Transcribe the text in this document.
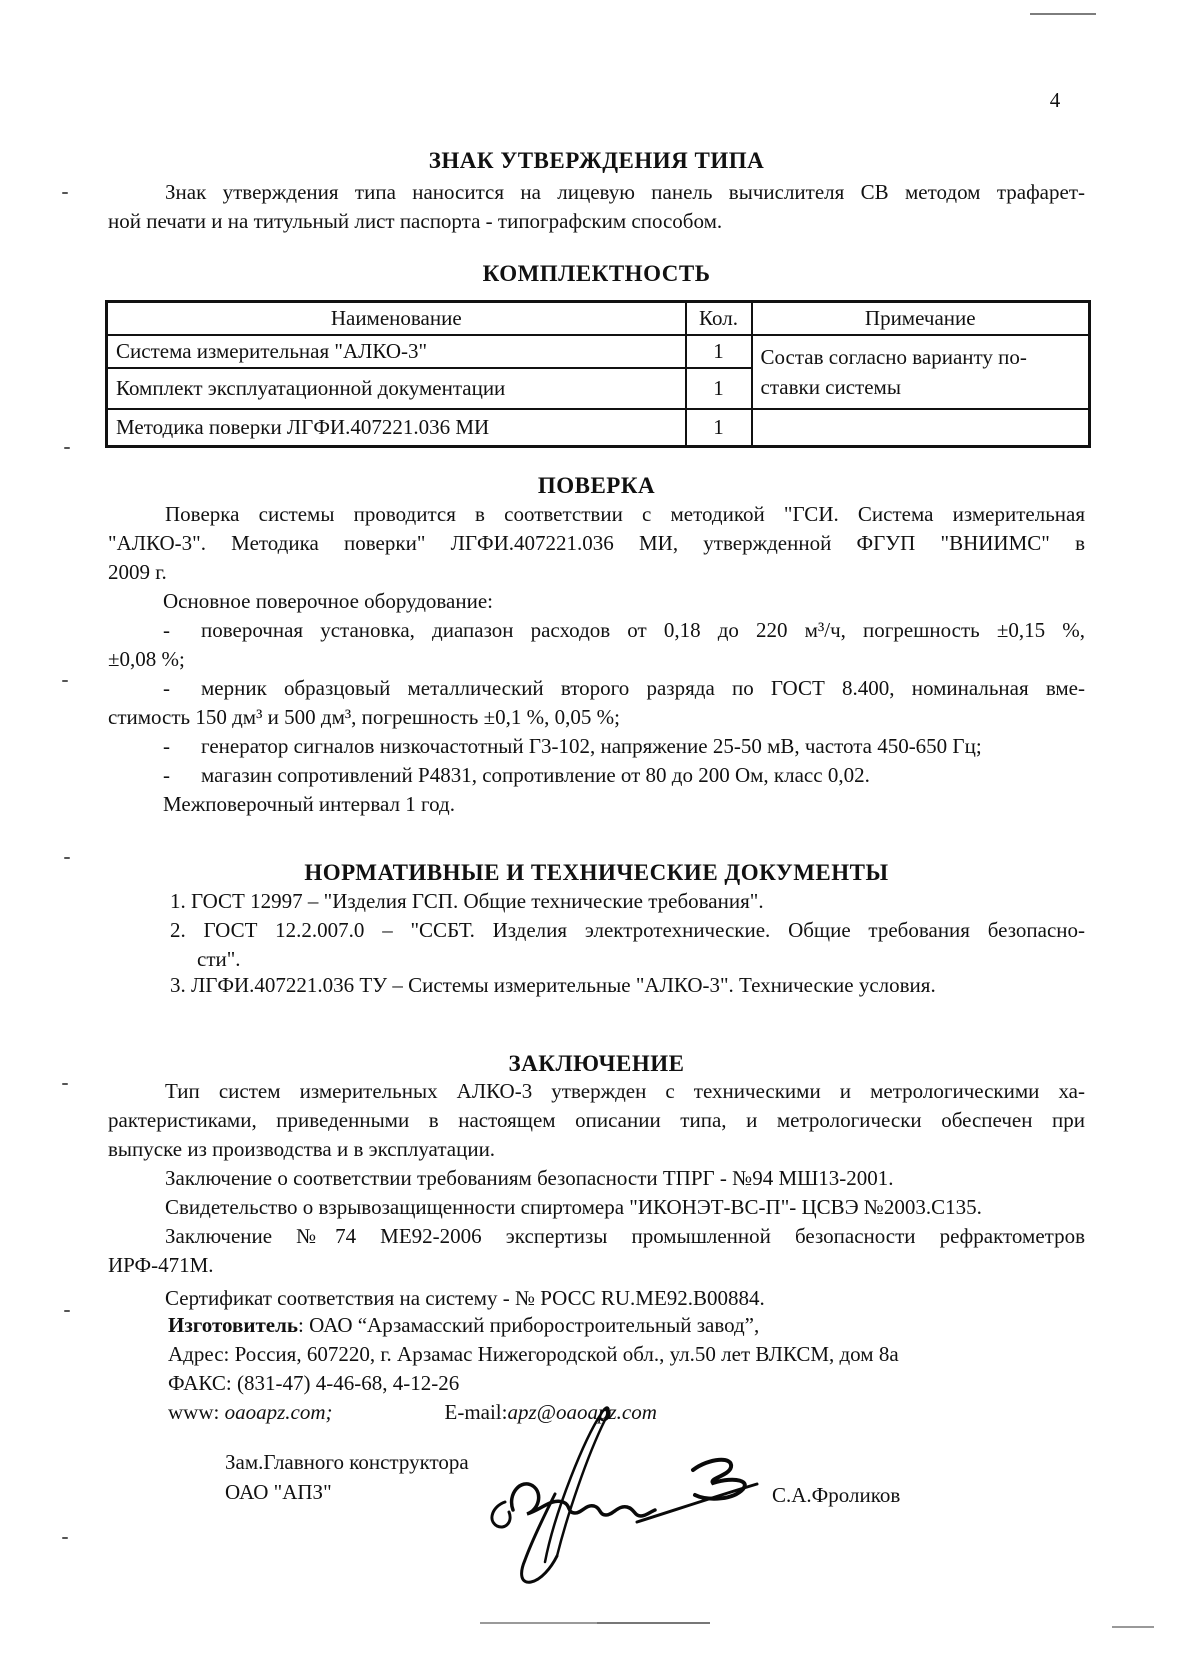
4
ЗНАК УТВЕРЖДЕНИЯ ТИПА
Знак утверждения типа наносится на лицевую панель вычислителя СВ методом трафарет-
ной печати и на титульный лист паспорта - типографским способом.
КОМПЛЕКТНОСТЬ
Наименование	Кол.	Примечание
Система измерительная "АЛКО-3"	1	Состав согласно варианту по-
ставки системы

Комплект эксплуатационной документации	1	
Методика поверки ЛГФИ.407221.036 МИ	1	
ПОВЕРКА
Поверка системы проводится в соответствии с методикой "ГСИ. Система измерительная
"АЛКО-3". Методика поверки" ЛГФИ.407221.036 МИ, утвержденной ФГУП "ВНИИМС" в
2009 г.
Основное поверочное оборудование:
- поверочная установка, диапазон расходов от 0,18 до 220 м³/ч, погрешность ±0,15 %,
±0,08 %;
- мерник образцовый металлический второго разряда по ГОСТ 8.400, номинальная вме-
стимость 150 дм³ и 500 дм³, погрешность ±0,1 %, 0,05 %;
- генератор сигналов низкочастотный Г3-102, напряжение 25-50 мВ, частота 450-650 Гц;
- магазин сопротивлений Р4831, сопротивление от 80 до 200 Ом, класс 0,02.
Межповерочный интервал 1 год.
НОРМАТИВНЫЕ И ТЕХНИЧЕСКИЕ ДОКУМЕНТЫ
1. ГОСТ 12997 – "Изделия ГСП. Общие технические требования".
2. ГОСТ 12.2.007.0 – "ССБТ. Изделия электротехнические. Общие требования безопасно-
сти".
3. ЛГФИ.407221.036 ТУ – Системы измерительные "АЛКО-3". Технические условия.
ЗАКЛЮЧЕНИЕ
Тип систем измерительных АЛКО-3 утвержден с техническими и метрологическими ха-
рактеристиками, приведенными в настоящем описании типа, и метрологически обеспечен при
выпуске из производства и в эксплуатации.
Заключение о соответствии требованиям безопасности ТПРГ - №94 МШ13-2001.
Свидетельство о взрывозащищенности спиртомера "ИКОНЭТ-ВС-П"- ЦСВЭ №2003.С135.
Заключение №74 МЕ92-2006 экспертизы промышленной безопасности рефрактометров
ИРФ-471М.
Сертификат соответствия на систему - № РОСС RU.ME92.B00884.
Изготовитель: ОАО “Арзамасский приборостроительный завод”,
Адрес: Россия, 607220, г. Арзамас Нижегородской обл., ул.50 лет ВЛКСМ, дом 8а
ФАКС: (831-47) 4-46-68, 4-12-26
www: oaoapz.com;	E-mail:apz@oaoapz.com
Зам.Главного конструктора
ОАО "АПЗ"	С.А.Фроликов
